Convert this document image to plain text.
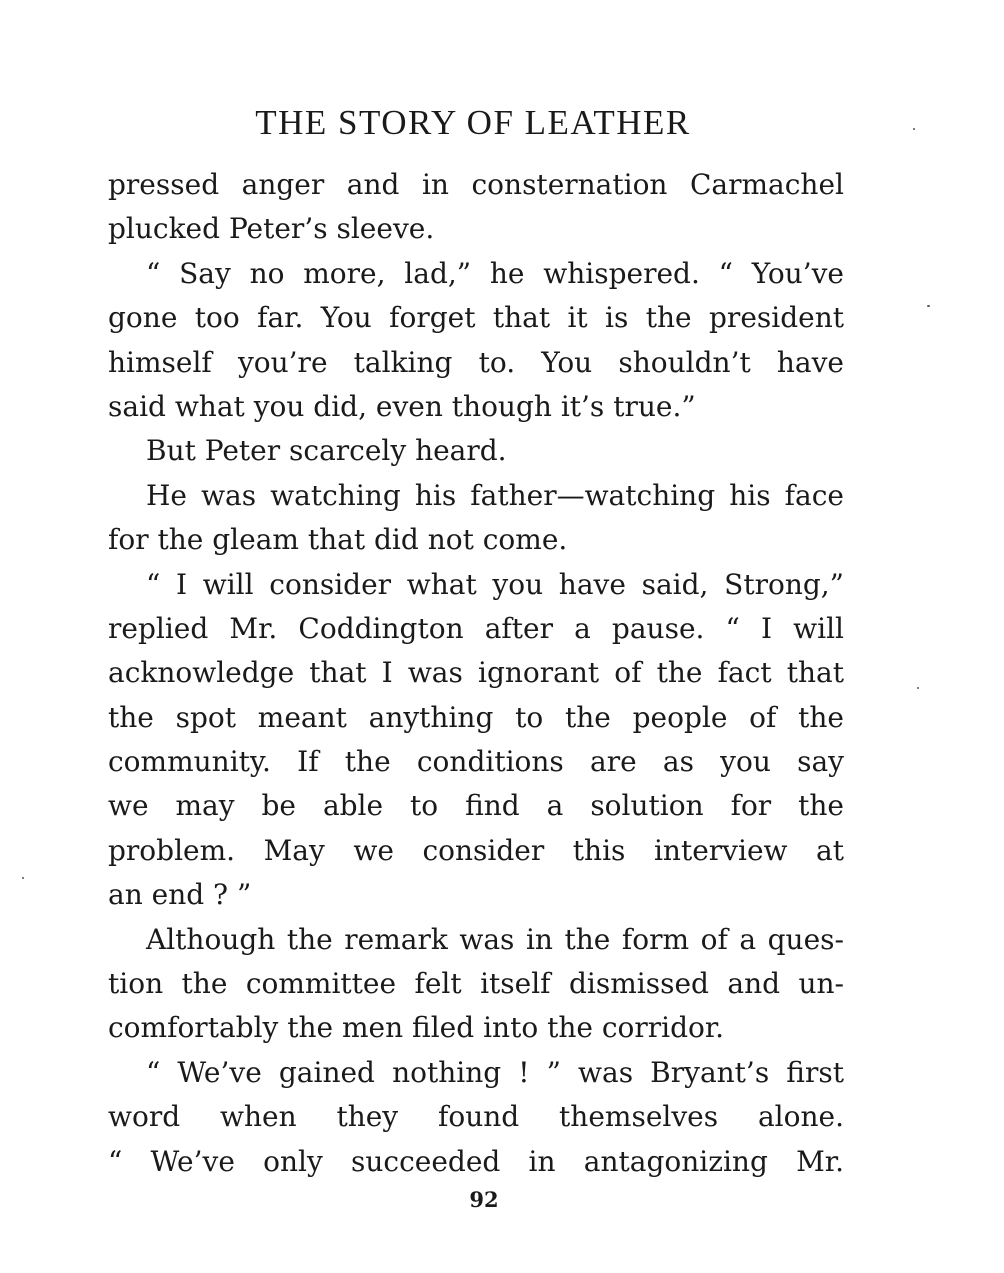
THE STORY OF LEATHER
pressed anger and in consternation Carmachel
plucked Peter’s sleeve.
“ Say no more, lad,” he whispered. “ You’ve
gone too far. You forget that it is the president
himself you’re talking to. You shouldn’t have
said what you did, even though it’s true.”
But Peter scarcely heard.
He was watching his father—watching his face
for the gleam that did not come.
“ I will consider what you have said, Strong,”
replied Mr. Coddington after a pause. “ I will
acknowledge that I was ignorant of the fact that
the spot meant anything to the people of the
community. If the conditions are as you say
we may be able to find a solution for the
problem. May we consider this interview at
an end ? ”
Although the remark was in the form of a ques-
tion the committee felt itself dismissed and un-
comfortably the men filed into the corridor.
“ We’ve gained nothing ! ” was Bryant’s first
word when they found themselves alone.
“ We’ve only succeeded in antagonizing Mr.
92
